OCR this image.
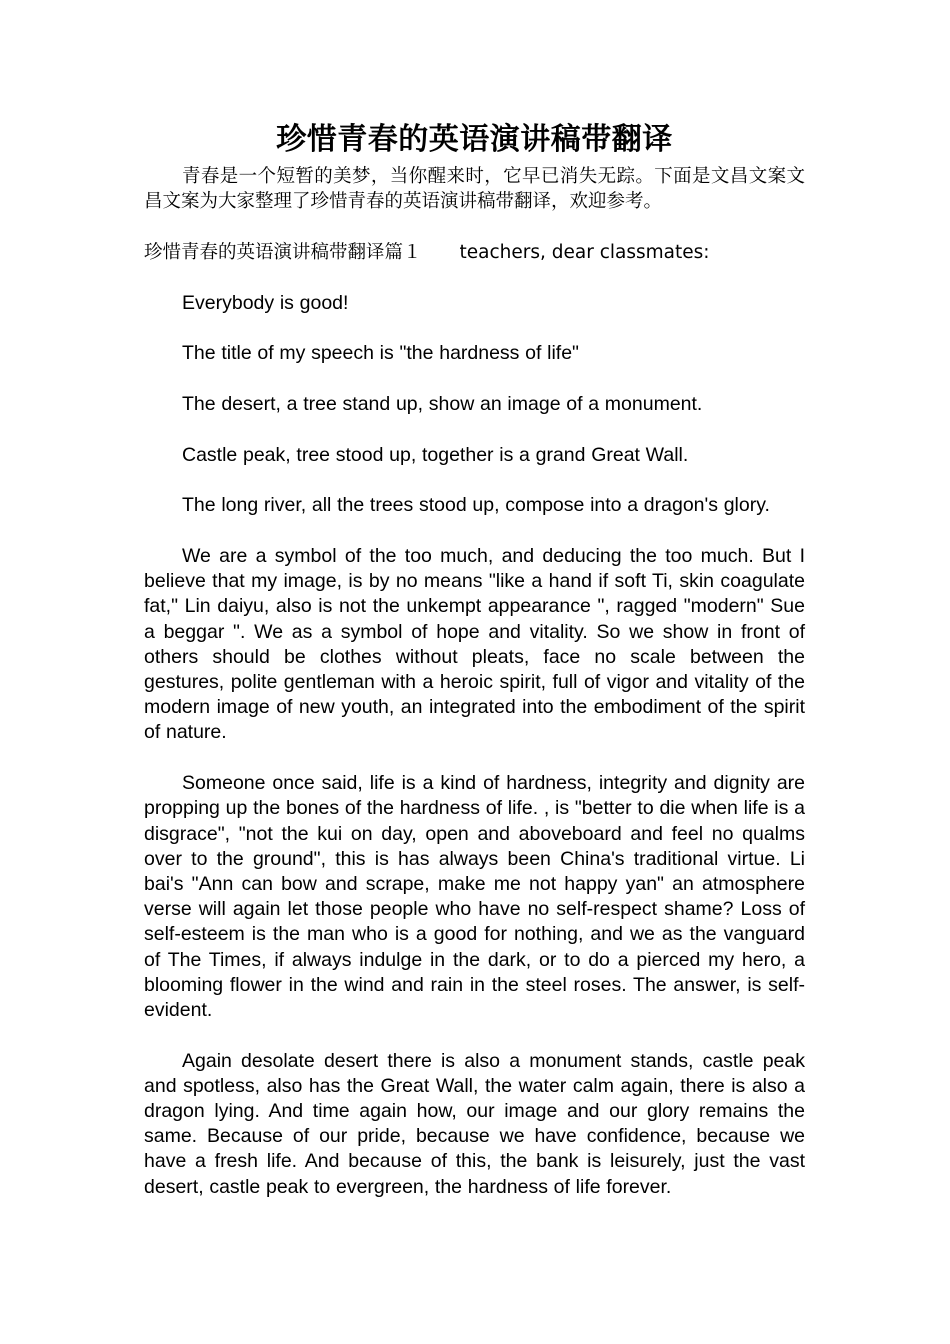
珍惜青春的英语演讲稿带翻译

青春是一个短暂的美梦，当你醒来时，它早已消失无踪。下面是文昌文案文昌文案为大家整理了珍惜青春的英语演讲稿带翻译，欢迎参考。

珍惜青春的英语演讲稿带翻译篇１ teachers, dear classmates:

Everybody is good!

The title of my speech is "the hardness of life"

The desert, a tree stand up, show an image of a monument.

Castle peak, tree stood up, together is a grand Great Wall.

The long river, all the trees stood up, compose into a dragon's glory.

We are a symbol of the too much, and deducing the too much. But I believe that my image, is by no means "like a hand if soft Ti, skin coagulate fat," Lin daiyu, also is not the unkempt appearance ", ragged "modern" Sue a beggar ". We as a symbol of hope and vitality. So we show in front of others should be clothes without pleats, face no scale between the gestures, polite gentleman with a heroic spirit, full of vigor and vitality of the modern image of new youth, an integrated into the embodiment of the spirit of nature.

Someone once said, life is a kind of hardness, integrity and dignity are propping up the bones of the hardness of life. , is "better to die when life is a disgrace", "not the kui on day, open and aboveboard and feel no qualms over to the ground", this is has always been China's traditional virtue. Li bai's "Ann can bow and scrape, make me not happy yan" an atmosphere verse will again let those people who have no self-respect shame? Loss of self-esteem is the man who is a good for nothing, and we as the vanguard of The Times, if always indulge in the dark, or to do a pierced my hero, a blooming flower in the wind and rain in the steel roses. The answer, is self-evident.

Again desolate desert there is also a monument stands, castle peak and spotless, also has the Great Wall, the water calm again, there is also a dragon lying. And time again how, our image and our glory remains the same. Because of our pride, because we have confidence, because we have a fresh life. And because of this, the bank is leisurely, just the vast desert, castle peak to evergreen, the hardness of life forever.
